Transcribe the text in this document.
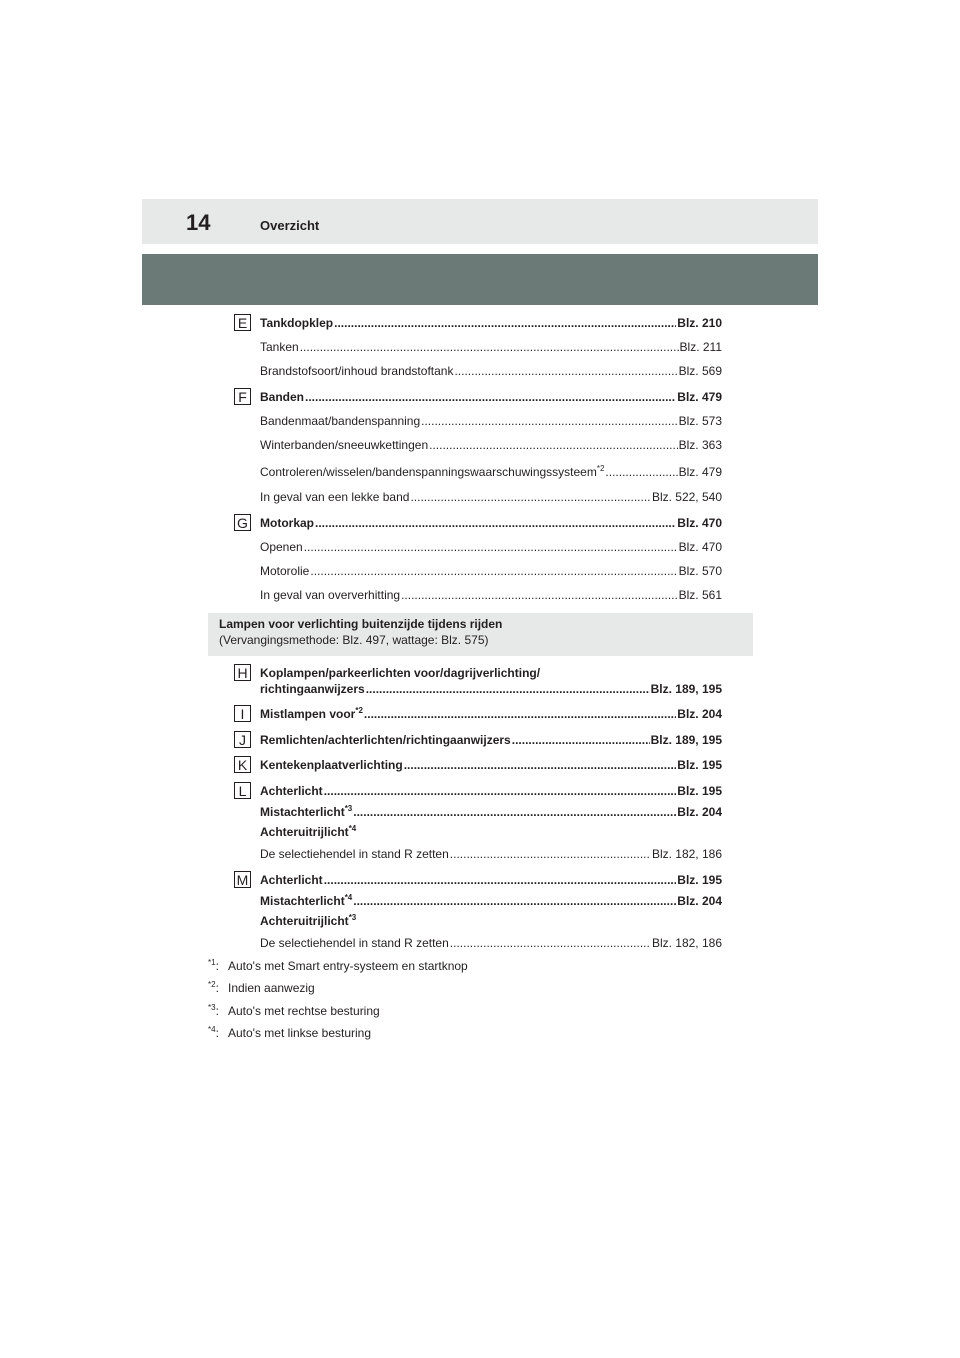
14	Overzicht
E	Tankdopklep .....	Blz. 210
Tanken .....	Blz. 211
Brandstofsoort/inhoud brandstoftank .....	Blz. 569
F	Banden .....	Blz. 479
Bandenmaat/bandenspanning .....	Blz. 573
Winterbanden/sneeuwkettingen .....	Blz. 363
Controleren/wisselen/bandenspanningswaarschuwingssysteem$^{*2}$ .....	Blz. 479
In geval van een lekke band .....	Blz. 522, 540
G Motorkap .....	Blz. 470
Openen .....	Blz. 470
Motorolie .....	Blz. 570
In geval van oververhitting .....	Blz. 561
Lampen voor verlichting buitenzijde tijdens rijden
(Vervangingsmethode: Blz. 497, wattage: Blz. 575)
H Koplampen/parkeerlichten voor/dagrijverlichting/
richtingaanwijzers .....	Blz. 189, 195
I	Mistlampen voor$^{*2}$ .....	Blz. 204
J	Remlichten/achterlichten/richtingaanwijzers .....	Blz. 189, 195
K	Kentekenplaatverlichting .....	Blz. 195
L	Achterlicht .....	Blz. 195
Mistachterlicht$^{*3}$ .....	Blz. 204
Achteruitrijlicht$^{*4}$
De selectiehendel in stand R zetten .....	Blz. 182, 186
M Achterlicht .....	Blz. 195
Mistachterlicht$^{*4}$ .....	Blz. 204
Achteruitrijlicht$^{*3}$
De selectiehendel in stand R zetten .....	Blz. 182, 186
$^{*1}$: Auto's met Smart entry-systeem en startknop
$^{*2}$: Indien aanwezig
$^{*3}$: Auto's met rechtse besturing
$^{*4}$: Auto's met linkse besturing
